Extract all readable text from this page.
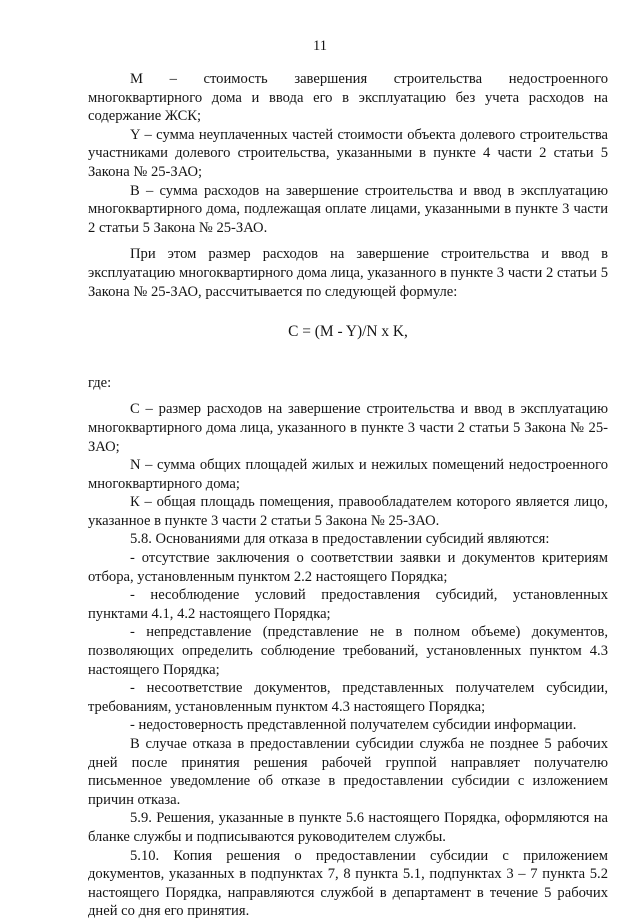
11

М – стоимость завершения строительства недостроенного многоквартирного дома и ввода его в эксплуатацию без учета расходов на содержание ЖСК;

Y – сумма неуплаченных частей стоимости объекта долевого строительства участниками долевого строительства, указанными в пункте 4 части 2 статьи 5 Закона № 25-ЗАО;

В – сумма расходов на завершение строительства и ввод в эксплуатацию многоквартирного дома, подлежащая оплате лицами, указанными в пункте 3 части 2 статьи 5 Закона № 25-ЗАО.

При этом размер расходов на завершение строительства и ввод в эксплуатацию многоквартирного дома лица, указанного в пункте 3 части 2 статьи 5 Закона № 25-ЗАО, рассчитывается по следующей формуле:

C = (M - Y)/N x K,

где:

С – размер расходов на завершение строительства и ввод в эксплуатацию многоквартирного дома лица, указанного в пункте 3 части 2 статьи 5 Закона № 25-ЗАО;

N – сумма общих площадей жилых и нежилых помещений недостроенного многоквартирного дома;

К – общая площадь помещения, правообладателем которого является лицо, указанное в пункте 3 части 2 статьи 5 Закона № 25-ЗАО.

5.8. Основаниями для отказа в предоставлении субсидий являются:

- отсутствие заключения о соответствии заявки и документов критериям отбора, установленным пунктом 2.2 настоящего Порядка;

- несоблюдение условий предоставления субсидий, установленных пунктами 4.1, 4.2 настоящего Порядка;

- непредставление (представление не в полном объеме) документов, позволяющих определить соблюдение требований, установленных пунктом 4.3 настоящего Порядка;

- несоответствие документов, представленных получателем субсидии, требованиям, установленным пунктом 4.3 настоящего Порядка;

- недостоверность представленной получателем субсидии информации.

В случае отказа в предоставлении субсидии служба не позднее 5 рабочих дней после принятия решения рабочей группой направляет получателю письменное уведомление об отказе в предоставлении субсидии с изложением причин отказа.

5.9. Решения, указанные в пункте 5.6 настоящего Порядка, оформляются на бланке службы и подписываются руководителем службы.

5.10. Копия решения о предоставлении субсидии с приложением документов, указанных в подпунктах 7, 8 пункта 5.1, подпунктах 3 – 7 пункта 5.2 настоящего Порядка, направляются службой в департамент в течение 5 рабочих дней со дня его принятия.
